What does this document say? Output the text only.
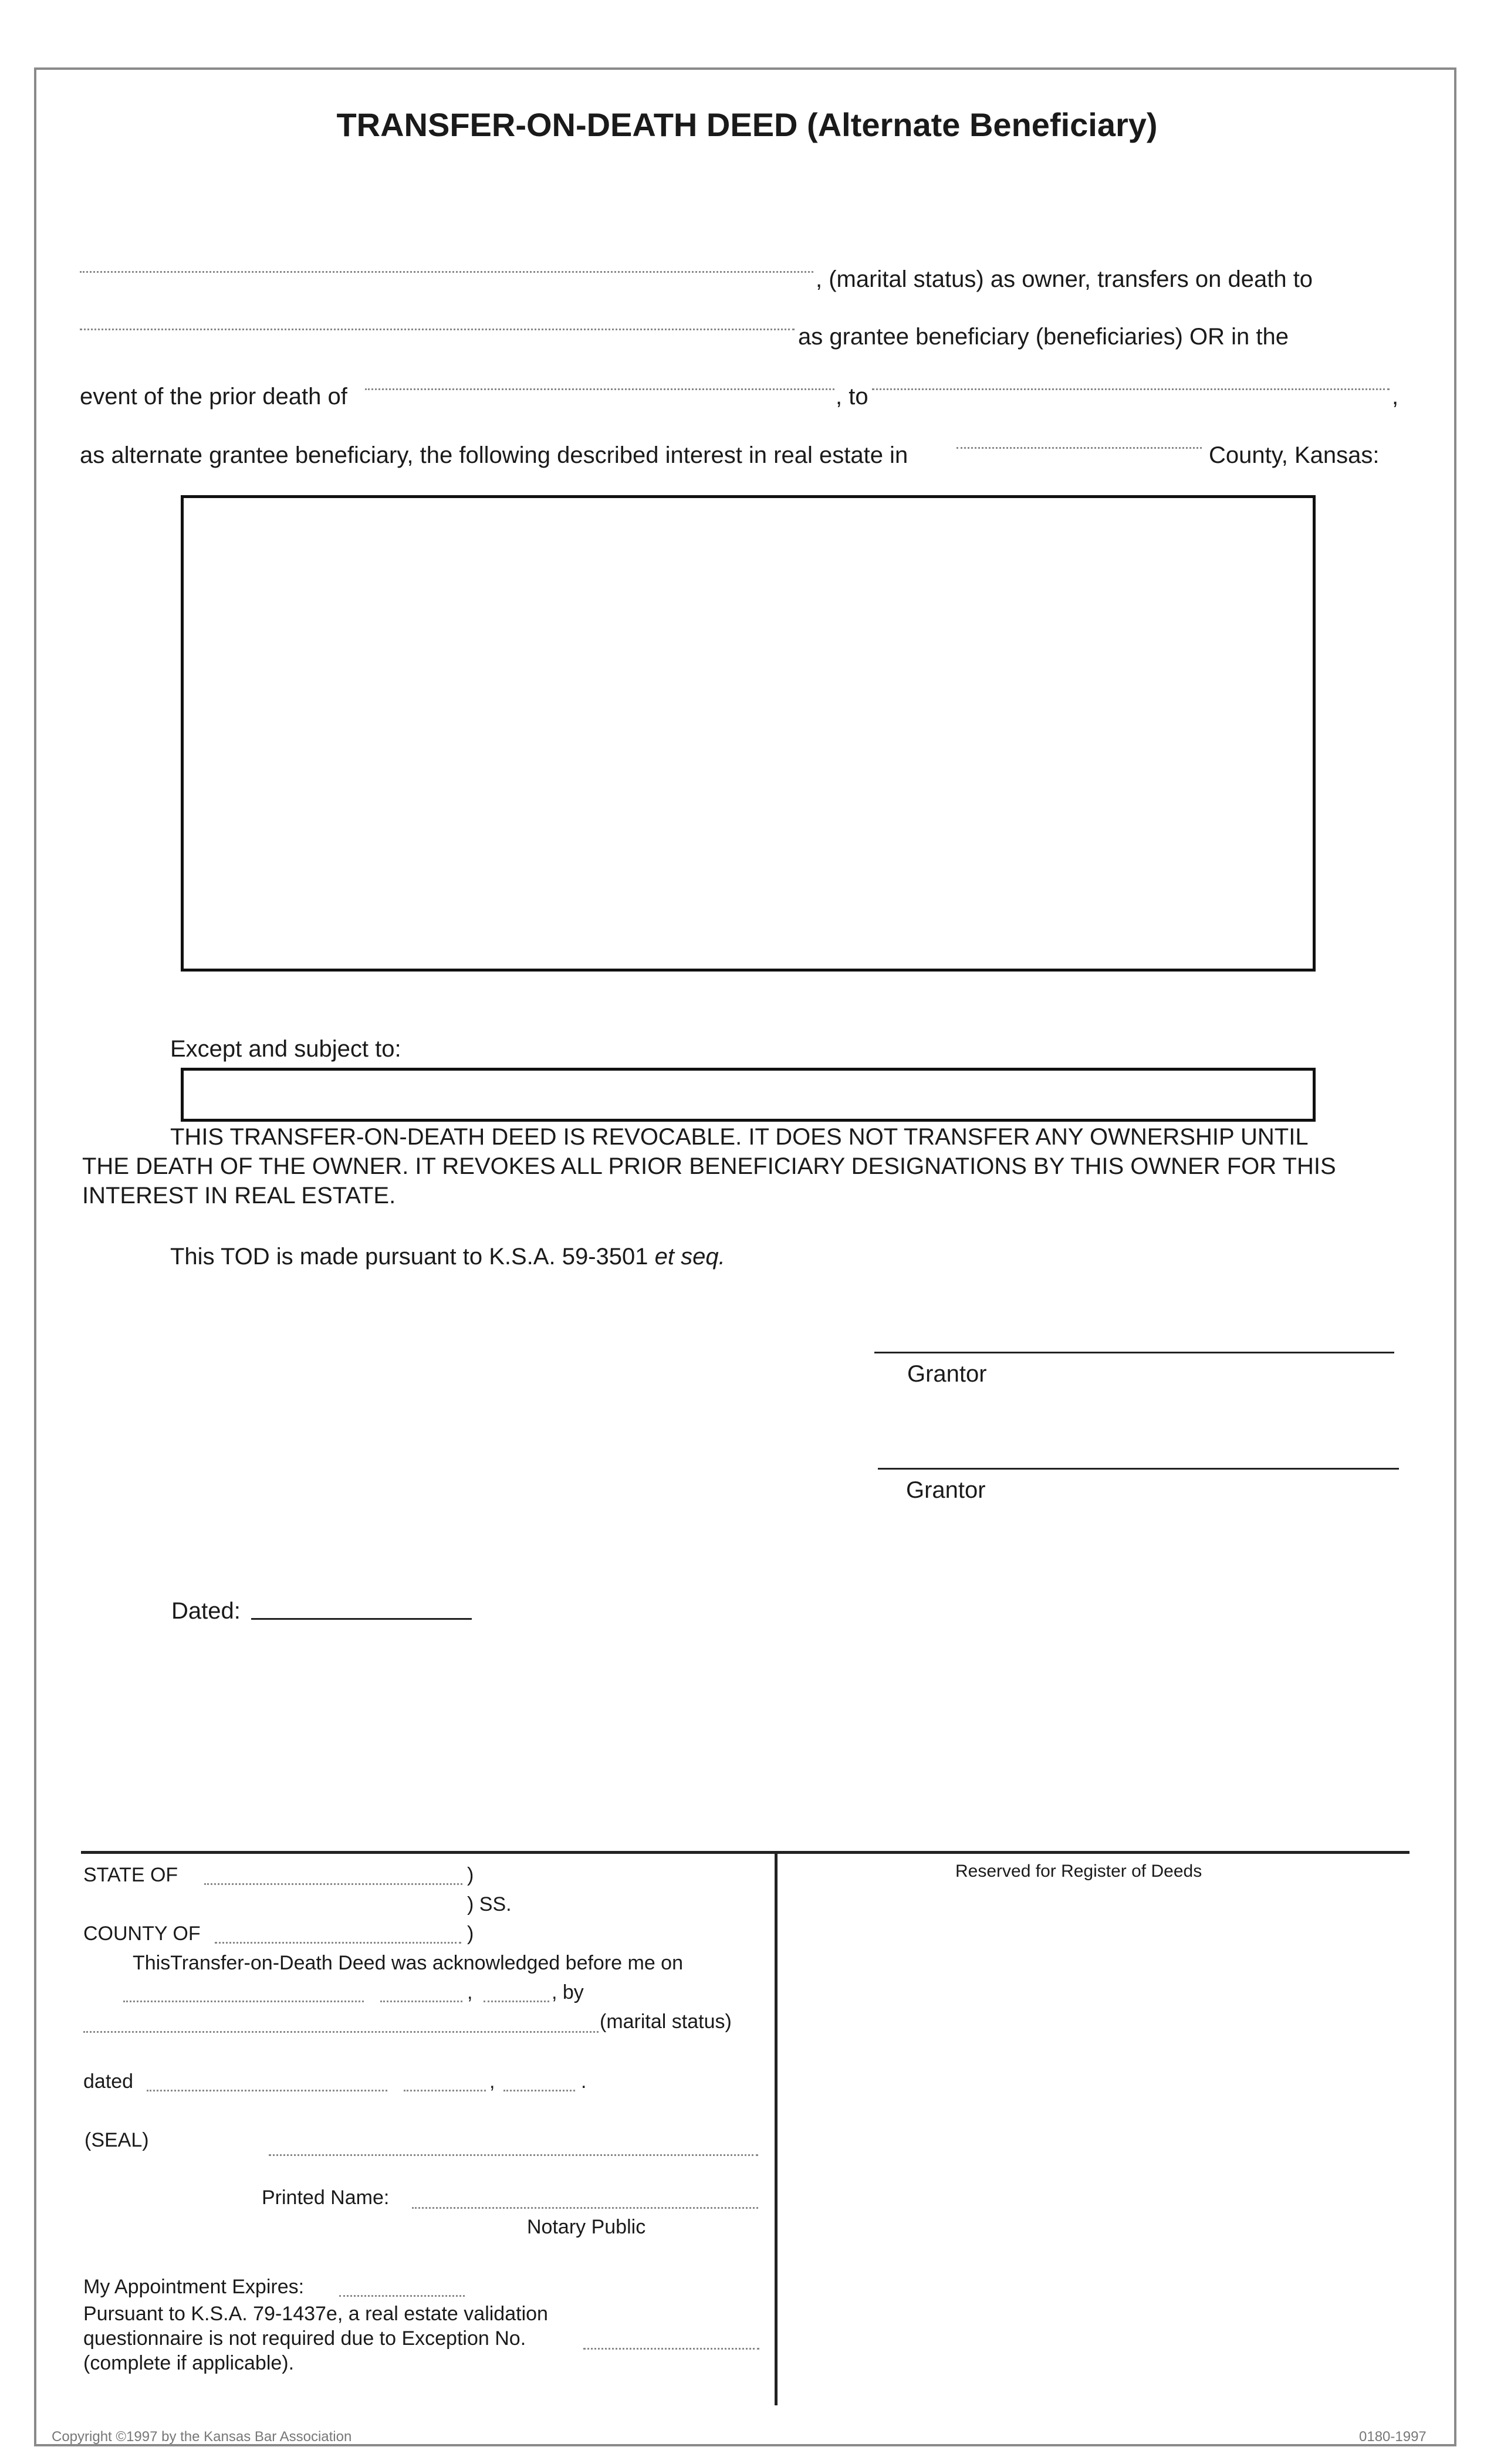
TRANSFER-ON-DEATH DEED (Alternate Beneficiary)
, (marital status) as owner, transfers on death to
as grantee beneficiary (beneficiaries) OR in the
event of the prior death of	, to	,
as alternate grantee beneficiary, the following described interest in real estate in	County, Kansas:
Except and subject to:
THIS TRANSFER-ON-DEATH DEED IS REVOCABLE. IT DOES NOT TRANSFER ANY OWNERSHIP UNTIL
THE DEATH OF THE OWNER. IT REVOKES ALL PRIOR BENEFICIARY DESIGNATIONS BY THIS OWNER FOR THIS
INTEREST IN REAL ESTATE.
This TOD is made pursuant to K.S.A. 59-3501 et seq.
Grantor
Grantor
Dated:
STATE OF	)
) SS.
COUNTY OF	)
ThisTransfer-on-Death Deed was acknowledged before me on
,	, by
(marital status)
dated	,	.
(SEAL)
Printed Name:
Notary Public
My Appointment Expires:
Pursuant to K.S.A. 79-1437e, a real estate validation
questionnaire is not required due to Exception No.
(complete if applicable).
Reserved for Register of Deeds
Copyright ©1997 by the Kansas Bar Association	0180-1997
